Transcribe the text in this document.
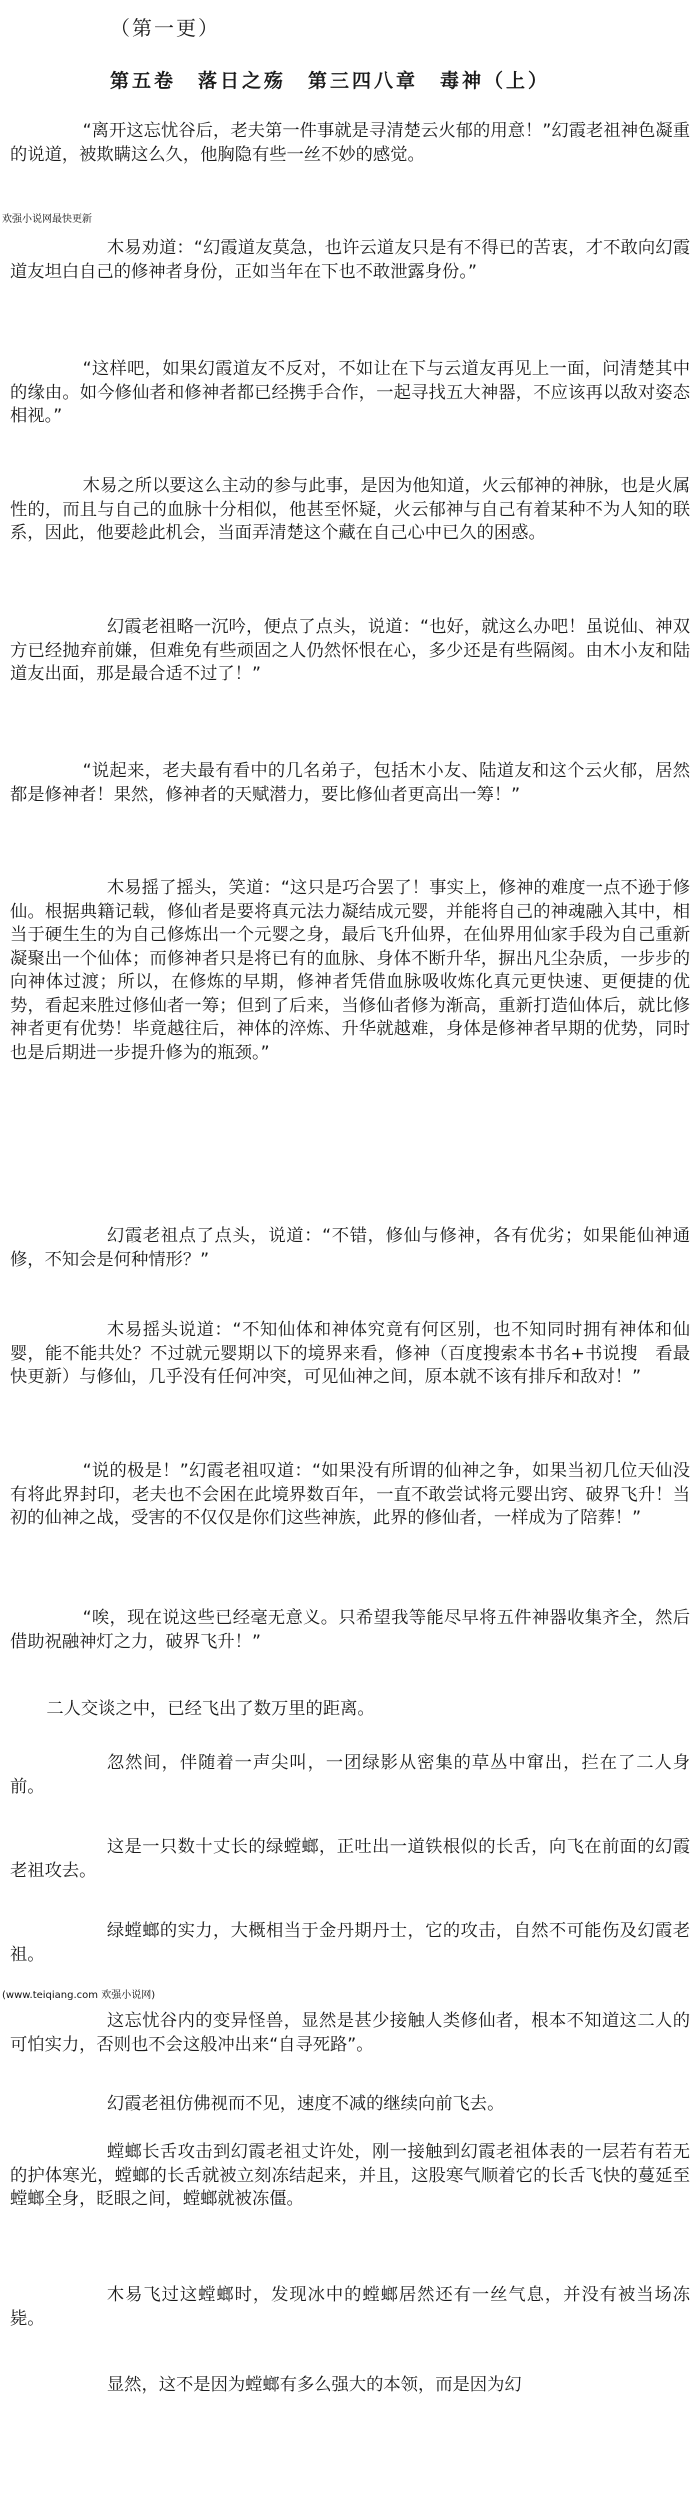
（第一更）
第五卷　落日之殇　第三四八章　毒神（上）
“离开这忘忧谷后，老夫第一件事就是寻清楚云火郁的用意！”幻霞老祖神色凝重的说道，被欺瞒这么久，他胸隐有些一丝不妙的感觉。
欢强小说网最快更新
木易劝道：“幻霞道友莫急，也许云道友只是有不得已的苦衷，才不敢向幻霞道友坦白自己的修神者身份，正如当年在下也不敢泄露身份。”
“这样吧，如果幻霞道友不反对，不如让在下与云道友再见上一面，问清楚其中的缘由。如今修仙者和修神者都已经携手合作，一起寻找五大神器，不应该再以敌对姿态相视。”
木易之所以要这么主动的参与此事，是因为他知道，火云郁神的神脉，也是火属性的，而且与自己的血脉十分相似，他甚至怀疑，火云郁神与自己有着某种不为人知的联系，因此，他要趁此机会，当面弄清楚这个藏在自己心中已久的困惑。
幻霞老祖略一沉吟，便点了点头，说道：“也好，就这么办吧！虽说仙、神双方已经抛弃前嫌，但难免有些顽固之人仍然怀恨在心，多少还是有些隔阂。由木小友和陆道友出面，那是最合适不过了！”
“说起来，老夫最有看中的几名弟子，包括木小友、陆道友和这个云火郁，居然都是修神者！果然，修神者的天赋潜力，要比修仙者更高出一筹！”
木易摇了摇头，笑道：“这只是巧合罢了！事实上，修神的难度一点不逊于修仙。根据典籍记载，修仙者是要将真元法力凝结成元婴，并能将自己的神魂融入其中，相当于硬生生的为自己修炼出一个元婴之身，最后飞升仙界，在仙界用仙家手段为自己重新凝聚出一个仙体；而修神者只是将已有的血脉、身体不断升华，摒出凡尘杂质，一步步的向神体过渡；所以，在修炼的早期，修神者凭借血脉吸收炼化真元更快速、更便捷的优势，看起来胜过修仙者一筹；但到了后来，当修仙者修为渐高，重新打造仙体后，就比修神者更有优势！毕竟越往后，神体的淬炼、升华就越难，身体是修神者早期的优势，同时也是后期进一步提升修为的瓶颈。”
幻霞老祖点了点头，说道：“不错，修仙与修神，各有优劣；如果能仙神通修，不知会是何种情形？”
木易摇头说道：“不知仙体和神体究竟有何区别，也不知同时拥有神体和仙婴，能不能共处？不过就元婴期以下的境界来看，修神（百度搜索本书名+书说搜　看最快更新）与修仙，几乎没有任何冲突，可见仙神之间，原本就不该有排斥和敌对！”
“说的极是！”幻霞老祖叹道：“如果没有所谓的仙神之争，如果当初几位天仙没有将此界封印，老夫也不会困在此境界数百年，一直不敢尝试将元婴出窍、破界飞升！当初的仙神之战，受害的不仅仅是你们这些神族，此界的修仙者，一样成为了陪葬！”
“唉，现在说这些已经毫无意义。只希望我等能尽早将五件神器收集齐全，然后借助祝融神灯之力，破界飞升！”
二人交谈之中，已经飞出了数万里的距离。
忽然间，伴随着一声尖叫，一团绿影从密集的草丛中窜出，拦在了二人身前。
这是一只数十丈长的绿螳螂，正吐出一道铁根似的长舌，向飞在前面的幻霞老祖攻去。
绿螳螂的实力，大概相当于金丹期丹士，它的攻击，自然不可能伤及幻霞老祖。
(www.teiqiang.com 欢强小说网)
这忘忧谷内的变异怪兽，显然是甚少接触人类修仙者，根本不知道这二人的可怕实力，否则也不会这般冲出来“自寻死路”。
幻霞老祖仿佛视而不见，速度不减的继续向前飞去。
螳螂长舌攻击到幻霞老祖丈许处，刚一接触到幻霞老祖体表的一层若有若无的护体寒光，螳螂的长舌就被立刻冻结起来，并且，这股寒气顺着它的长舌飞快的蔓延至螳螂全身，眨眼之间，螳螂就被冻僵。
木易飞过这螳螂时，发现冰中的螳螂居然还有一丝气息，并没有被当场冻毙。
显然，这不是因为螳螂有多么强大的本领，而是因为幻
